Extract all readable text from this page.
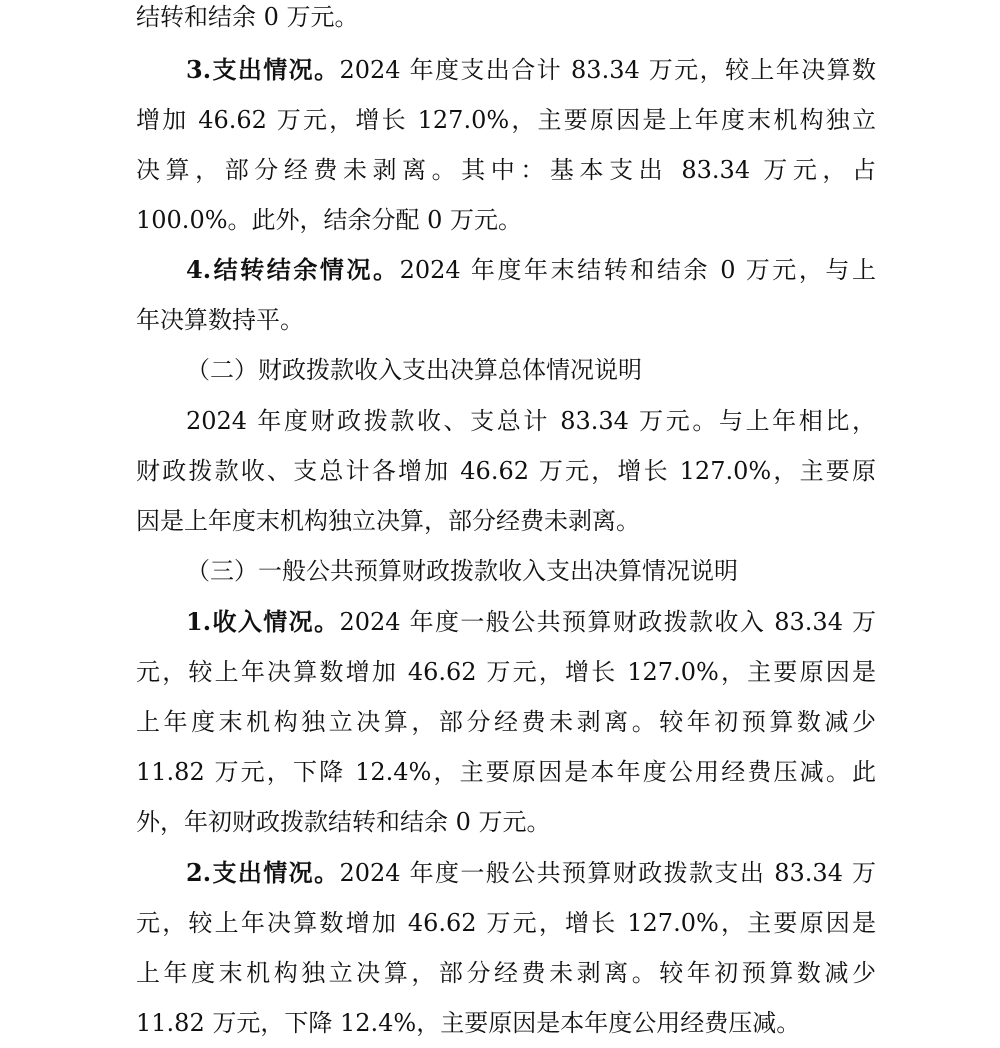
结转和结余 0 万元。
3.支出情况。2024 年度支出合计 83.34 万元，较上年决算数
增加 46.62 万元，增长 127.0%，主要原因是上年度末机构独立
决算，部分经费未剥离。其中：基本支出 83.34 万元，占
100.0%。此外，结余分配 0 万元。
4.结转结余情况。2024 年度年末结转和结余 0 万元，与上
年决算数持平。
（二）财政拨款收入支出决算总体情况说明
2024 年度财政拨款收、支总计 83.34 万元。与上年相比，
财政拨款收、支总计各增加 46.62 万元，增长 127.0%，主要原
因是上年度末机构独立决算，部分经费未剥离。
（三）一般公共预算财政拨款收入支出决算情况说明
1.收入情况。2024 年度一般公共预算财政拨款收入 83.34 万
元，较上年决算数增加 46.62 万元，增长 127.0%，主要原因是
上年度末机构独立决算，部分经费未剥离。较年初预算数减少
11.82 万元，下降 12.4%，主要原因是本年度公用经费压减。此
外，年初财政拨款结转和结余 0 万元。
2.支出情况。2024 年度一般公共预算财政拨款支出 83.34 万
元，较上年决算数增加 46.62 万元，增长 127.0%，主要原因是
上年度末机构独立决算，部分经费未剥离。较年初预算数减少
11.82 万元，下降 12.4%，主要原因是本年度公用经费压减。
